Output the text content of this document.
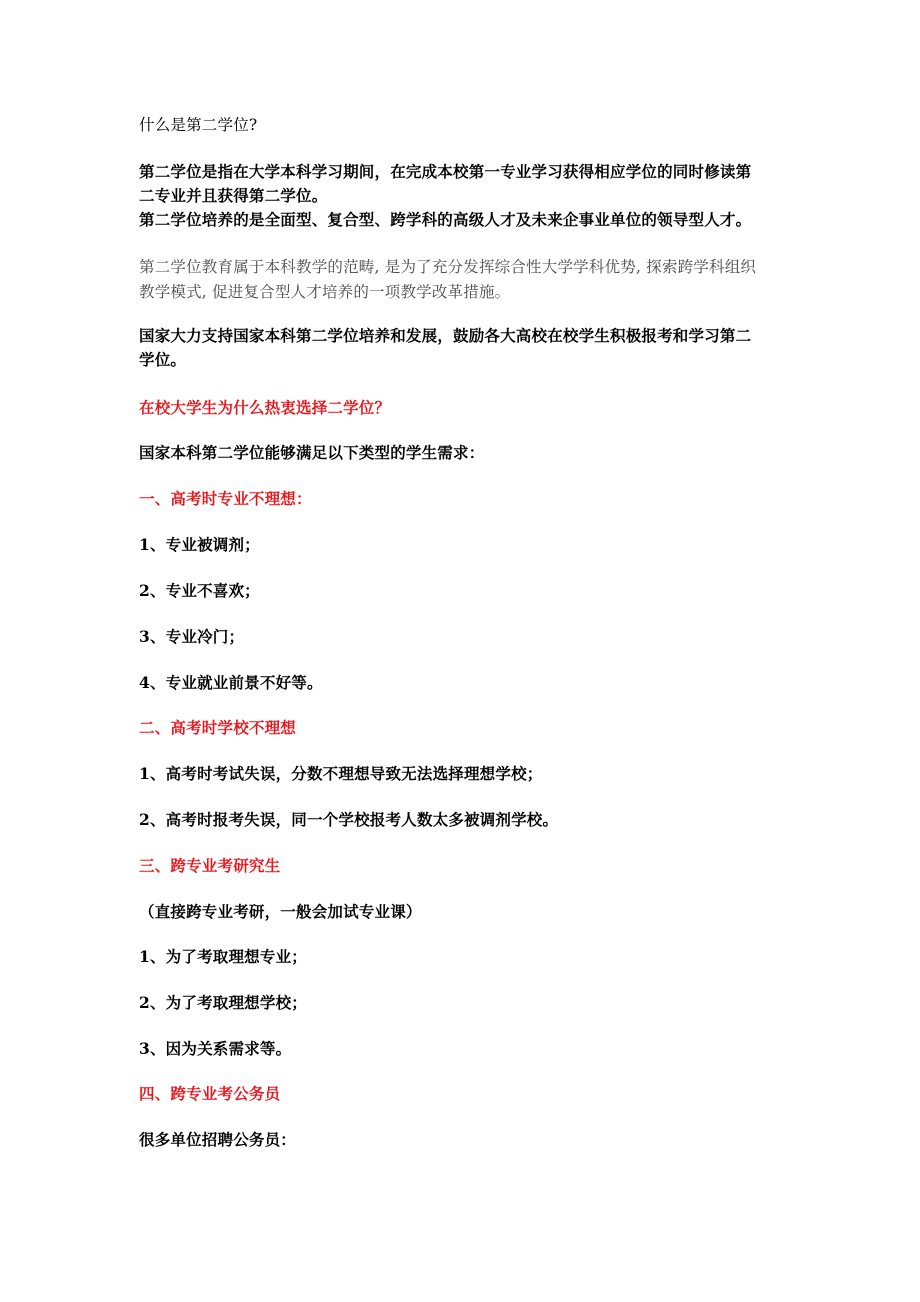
什么是第二学位?
第二学位是指在大学本科学习期间，在完成本校第一专业学习获得相应学位的同时修读第
二专业并且获得第二学位。
第二学位培养的是全面型、复合型、跨学科的高级人才及未来企事业单位的领导型人才。
第二学位教育属于本科教学的范畴, 是为了充分发挥综合性大学学科优势, 探索跨学科组织
教学模式, 促进复合型人才培养的一项教学改革措施。
国家大力支持国家本科第二学位培养和发展，鼓励各大高校在校学生积极报考和学习第二
学位。
在校大学生为什么热衷选择二学位？
国家本科第二学位能够满足以下类型的学生需求：
一、高考时专业不理想：
1、专业被调剂；
2、专业不喜欢；
3、专业冷门；
4、专业就业前景不好等。
二、高考时学校不理想
1、高考时考试失误，分数不理想导致无法选择理想学校；
2、高考时报考失误，同一个学校报考人数太多被调剂学校。
三、跨专业考研究生
（直接跨专业考研，一般会加试专业课）
1、为了考取理想专业；
2、为了考取理想学校；
3、因为关系需求等。
四、跨专业考公务员
很多单位招聘公务员：
